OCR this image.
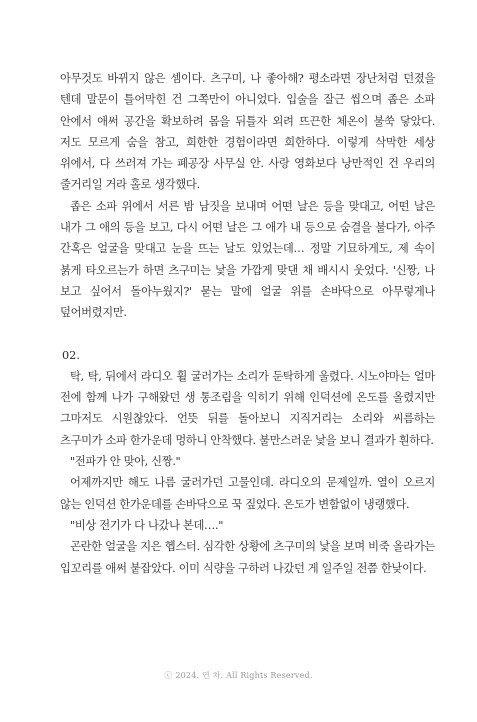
아무것도 바뀌지 않은 셈이다. 츠구미, 나 좋아해? 평소라면 장난처럼 던졌을 텐데 말문이 틀어막힌 건 그쪽만이 아니었다. 입술을 잘근 씹으며 좁은 소파 안에서 애써 공간을 확보하려 몸을 뒤틀자 외려 뜨끈한 체온이 불쑥 닿았다. 저도 모르게 숨을 참고, 희한한 경험이라면 희한하다. 이렇게 삭막한 세상 위에서, 다 쓰러져 가는 폐공장 사무실 안. 사랑 영화보다 낭만적인 건 우리의 줄거리일 거라 홀로 생각했다.

좁은 소파 위에서 서른 밤 남짓을 보내며 어떤 날은 등을 맞대고, 어떤 날은 내가 그 애의 등을 보고, 다시 어떤 날은 그 애가 내 등으로 숨결을 불다가, 아주 간혹은 얼굴을 맞대고 눈을 뜨는 날도 있었는데… 정말 기묘하게도, 제 속이 붉게 타오르는가 하면 츠구미는 낯을 가깝게 맞댄 채 배시시 웃었다. '신짱, 나 보고 싶어서 돌아누웠지?' 묻는 말에 얼굴 위를 손바닥으로 아무렇게나 덮어버렸지만.

02.

탁, 탁, 뒤에서 라디오 휠 굴러가는 소리가 둔탁하게 울렸다. 시노야마는 얼마 전에 함께 나가 구해왔던 생 통조림을 익히기 위해 인덕션에 온도를 올렸지만 그마저도 시원찮았다. 언뜻 뒤를 돌아보니 지직거리는 소리와 씨름하는 츠구미가 소파 한가운데 멍하니 안착했다. 불만스러운 낯을 보니 결과가 훤하다.

"전파가 안 맞아, 신짱."

어제까지만 해도 나름 굴러가던 고물인데. 라디오의 문제일까. 열이 오르지 않는 인덕션 한가운데를 손바닥으로 꾹 짚었다. 온도가 변함없이 냉랭했다.

"비상 전기가 다 나갔나 본데…."

곤란한 얼굴을 지은 헵스터. 심각한 상황에 츠구미의 낯을 보며 비죽 올라가는 입꼬리를 애써 붙잡았다. 이미 식량을 구하러 나갔던 게 일주일 전쯤 한낮이다.

ⓒ 2024. 연 차. All Rights Reserved.
